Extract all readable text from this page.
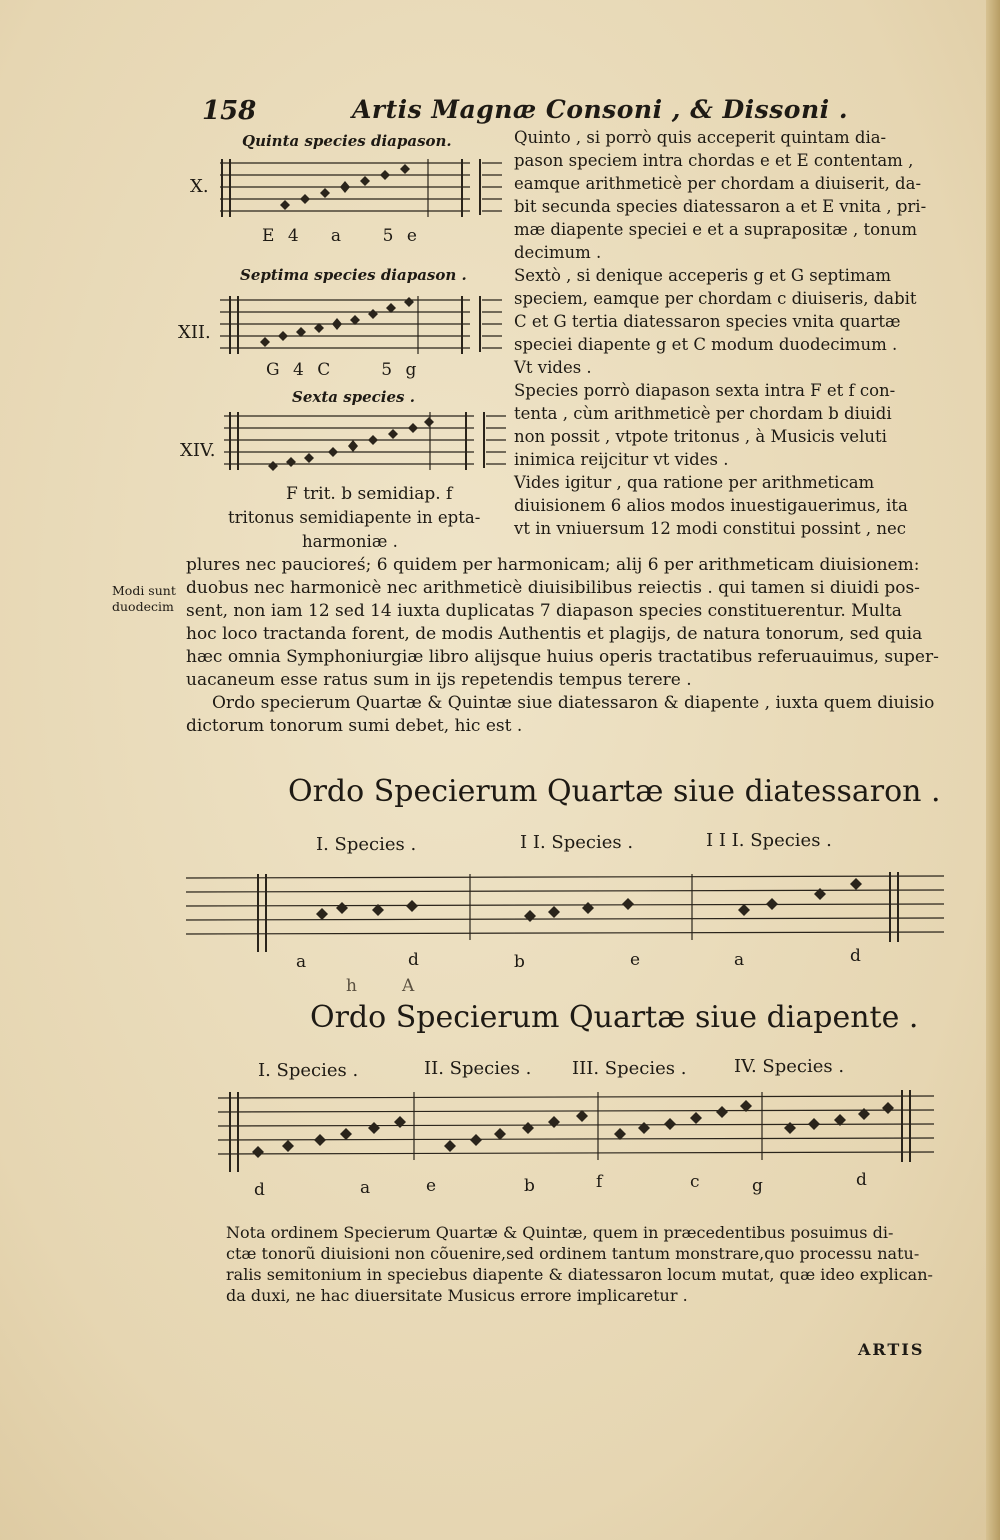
158	Artis Magnæ Consoni , & Dissoni .
Quinta species diapason.
X.
E 4 a 5 e
Septima species diapason .
XII.
G 4 C	5 g
Sexta species .
XIV.
F trit. b semidiap. f
tritonus semidiapente in epta-
harmoniæ .
Quinto , si porrò quis acceperit quintam dia-
pason speciem intra chordas e et E contentam ,
eamque arithmeticè per chordam a diuiserit, da-
bit secunda species diatessaron a et E vnita , pri-
mæ diapente speciei e et a suprapositæ , tonum
decimum .
Sextò , si denique acceperis g et G septimam
speciem, eamque per chordam c diuiseris, dabit
C et G tertia diatessaron species vnita quartæ
speciei diapente g et C modum duodecimum .
Vt vides .
Species porrò diapason sexta intra F et f con-
tenta , cùm arithmeticè per chordam b diuidi
non possit , vtpote tritonus , à Musicis veluti
inimica reijcitur vt vides .
Vides igitur , qua ratione per arithmeticam
diuisionem 6 alios modos inuestigauerimus, ita
vt in vniuersum 12 modi constitui possint , nec
Modi sunt
duodecim
plures nec paucioreś; 6 quidem per harmonicam; alij 6 per arithmeticam diuisionem:
duobus nec harmonicè nec arithmeticè diuisibilibus reiectis . qui tamen si diuidi pos-
sent, non iam 12 sed 14 iuxta duplicatas 7 diapason species constituerentur. Multa
hoc loco tractanda forent, de modis Authentis et plagijs, de natura tonorum, sed quia
hæc omnia Symphoniurgiæ libro alijsque huius operis tractatibus referuauimus, super-
uacaneum esse ratus sum in ijs repetendis tempus terere .
Ordo specierum Quartæ & Quintæ siue diatessaron & diapente , iuxta quem diuisio
dictorum tonorum sumi debet, hic est .
Ordo Specierum Quartæ siue diatessaron .
I. Species .	I I. Species .	I I I. Species .
a	d	b	e	a	d
h	A
Ordo Specierum Quartæ siue diapente .
I. Species .	II. Species . III. Species .	IV. Species .
d	a	e	b	f	c	g	d
Nota ordinem Specierum Quartæ & Quintæ, quem in præcedentibus posuimus di-
ctæ tonorũ diuisioni non cõuenire,sed ordinem tantum monstrare,quo processu natu-
ralis semitonium in speciebus diapente & diatessaron locum mutat, quæ ideo explican-
da duxi, ne hac diuersitate Musicus errore implicaretur .
ARTIS
